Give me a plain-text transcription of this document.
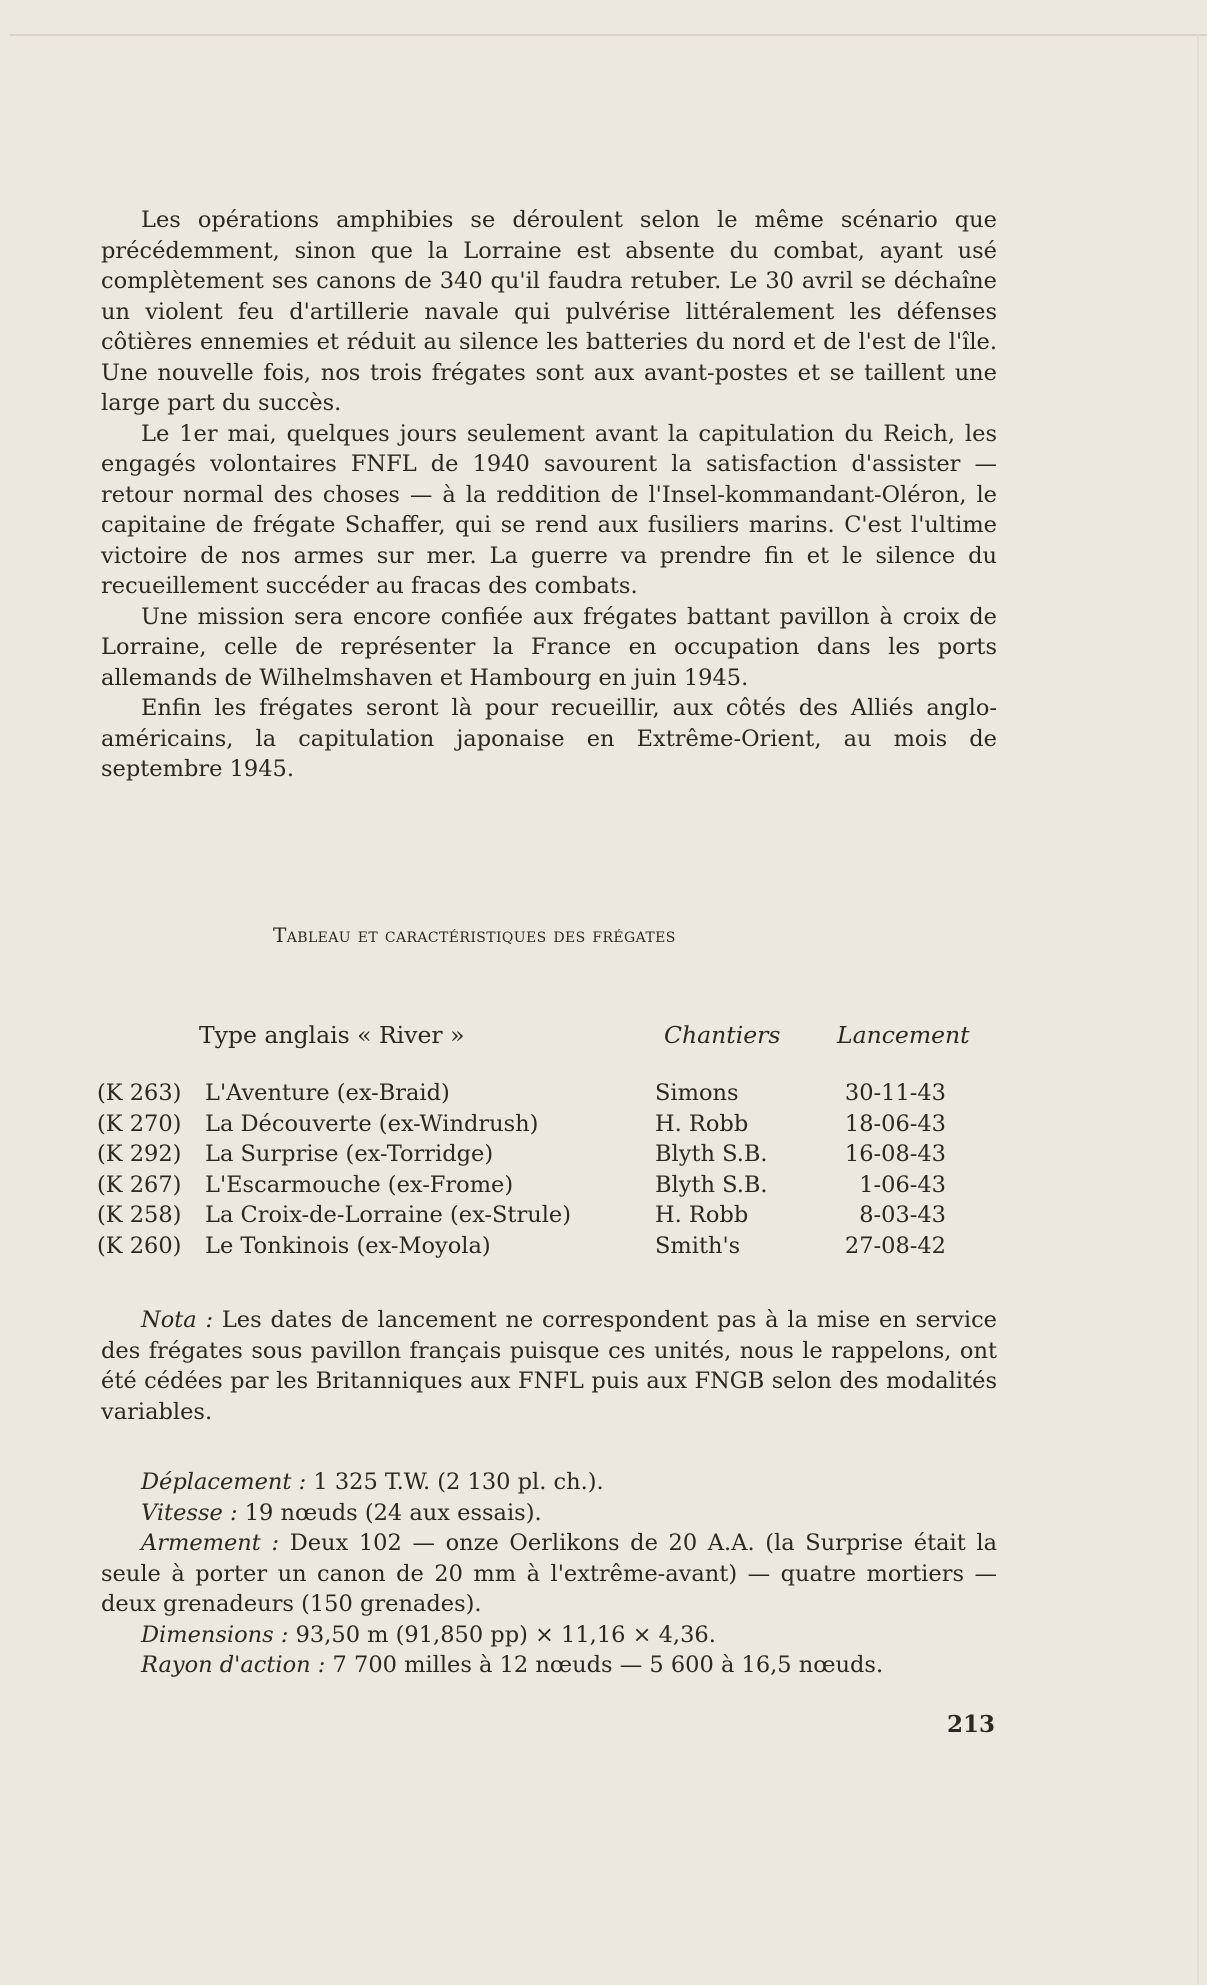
Les opérations amphibies se déroulent selon le même scénario que précédemment, sinon que la Lorraine est absente du combat, ayant usé complètement ses canons de 340 qu'il faudra retuber. Le 30 avril se déchaîne un violent feu d'artillerie navale qui pulvérise littéralement les défenses côtières ennemies et réduit au silence les batteries du nord et de l'est de l'île. Une nouvelle fois, nos trois frégates sont aux avant-postes et se taillent une large part du succès.

Le 1er mai, quelques jours seulement avant la capitulation du Reich, les engagés volontaires FNFL de 1940 savourent la satisfaction d'assister — retour normal des choses — à la reddition de l'Insel-kommandant-Oléron, le capitaine de frégate Schaffer, qui se rend aux fusiliers marins. C'est l'ultime victoire de nos armes sur mer. La guerre va prendre fin et le silence du recueillement succéder au fracas des combats.

Une mission sera encore confiée aux frégates battant pavillon à croix de Lorraine, celle de représenter la France en occupation dans les ports allemands de Wilhelmshaven et Hambourg en juin 1945.

Enfin les frégates seront là pour recueillir, aux côtés des Alliés anglo-américains, la capitulation japonaise en Extrême-Orient, au mois de septembre 1945.

Tableau et caractéristiques des frégates
Type anglais « River »	Chantiers Lancement
(K 263) L'Aventure (ex-Braid)	Simons	30-11-43
(K 270) La Découverte (ex-Windrush)	H. Robb	18-06-43
(K 292) La Surprise (ex-Torridge)	Blyth S.B.	16-08-43
(K 267) L'Escarmouche (ex-Frome)	Blyth S.B.	1-06-43
(K 258) La Croix-de-Lorraine (ex-Strule)	H. Robb	8-03-43
(K 260) Le Tonkinois (ex-Moyola)	Smith's	27-08-42

Nota : Les dates de lancement ne correspondent pas à la mise en service des frégates sous pavillon français puisque ces unités, nous le rappelons, ont été cédées par les Britanniques aux FNFL puis aux FNGB selon des modalités variables.

Déplacement : 1 325 T.W. (2 130 pl. ch.).

Vitesse : 19 nœuds (24 aux essais).

Armement : Deux 102 — onze Oerlikons de 20 A.A. (la Surprise était la seule à porter un canon de 20 mm à l'extrême-avant) — quatre mortiers — deux grenadeurs (150 grenades).

Dimensions : 93,50 m (91,850 pp) × 11,16 × 4,36.

Rayon d'action : 7 700 milles à 12 nœuds — 5 600 à 16,5 nœuds.

213
